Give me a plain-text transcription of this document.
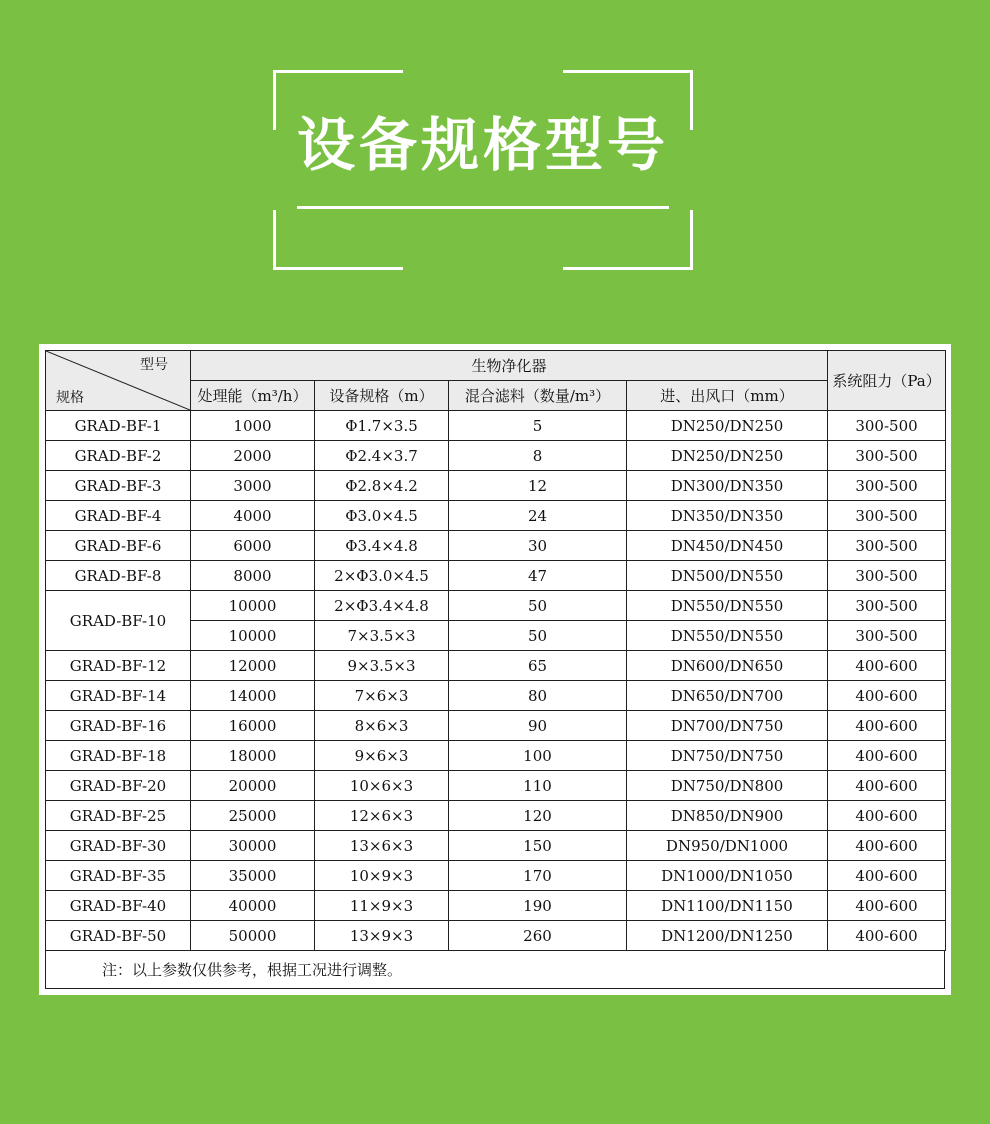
设备规格型号
型号
规格	生物净化器				系统阻力（Pa）
	处理能（m³/h）	设备规格（m）	混合滤料（数量/m³）	进、出风口（mm）	
GRAD-BF-1	1000	Φ1.7×3.5	5	DN250/DN250	300-500
GRAD-BF-2	2000	Φ2.4×3.7	8	DN250/DN250	300-500
GRAD-BF-3	3000	Φ2.8×4.2	12	DN300/DN350	300-500
GRAD-BF-4	4000	Φ3.0×4.5	24	DN350/DN350	300-500
GRAD-BF-6	6000	Φ3.4×4.8	30	DN450/DN450	300-500
GRAD-BF-8	8000	2×Φ3.0×4.5	47	DN500/DN550	300-500
GRAD-BF-10	10000	2×Φ3.4×4.8	50	DN550/DN550	300-500
	10000	7×3.5×3	50	DN550/DN550	300-500
GRAD-BF-12	12000	9×3.5×3	65	DN600/DN650	400-600
GRAD-BF-14	14000	7×6×3	80	DN650/DN700	400-600
GRAD-BF-16	16000	8×6×3	90	DN700/DN750	400-600
GRAD-BF-18	18000	9×6×3	100	DN750/DN750	400-600
GRAD-BF-20	20000	10×6×3	110	DN750/DN800	400-600
GRAD-BF-25	25000	12×6×3	120	DN850/DN900	400-600
GRAD-BF-30	30000	13×6×3	150	DN950/DN1000	400-600
GRAD-BF-35	35000	10×9×3	170	DN1000/DN1050	400-600
GRAD-BF-40	40000	11×9×3	190	DN1100/DN1150	400-600
GRAD-BF-50	50000	13×9×3	260	DN1200/DN1250	400-600
注：以上参数仅供参考，根据工况进行调整。
